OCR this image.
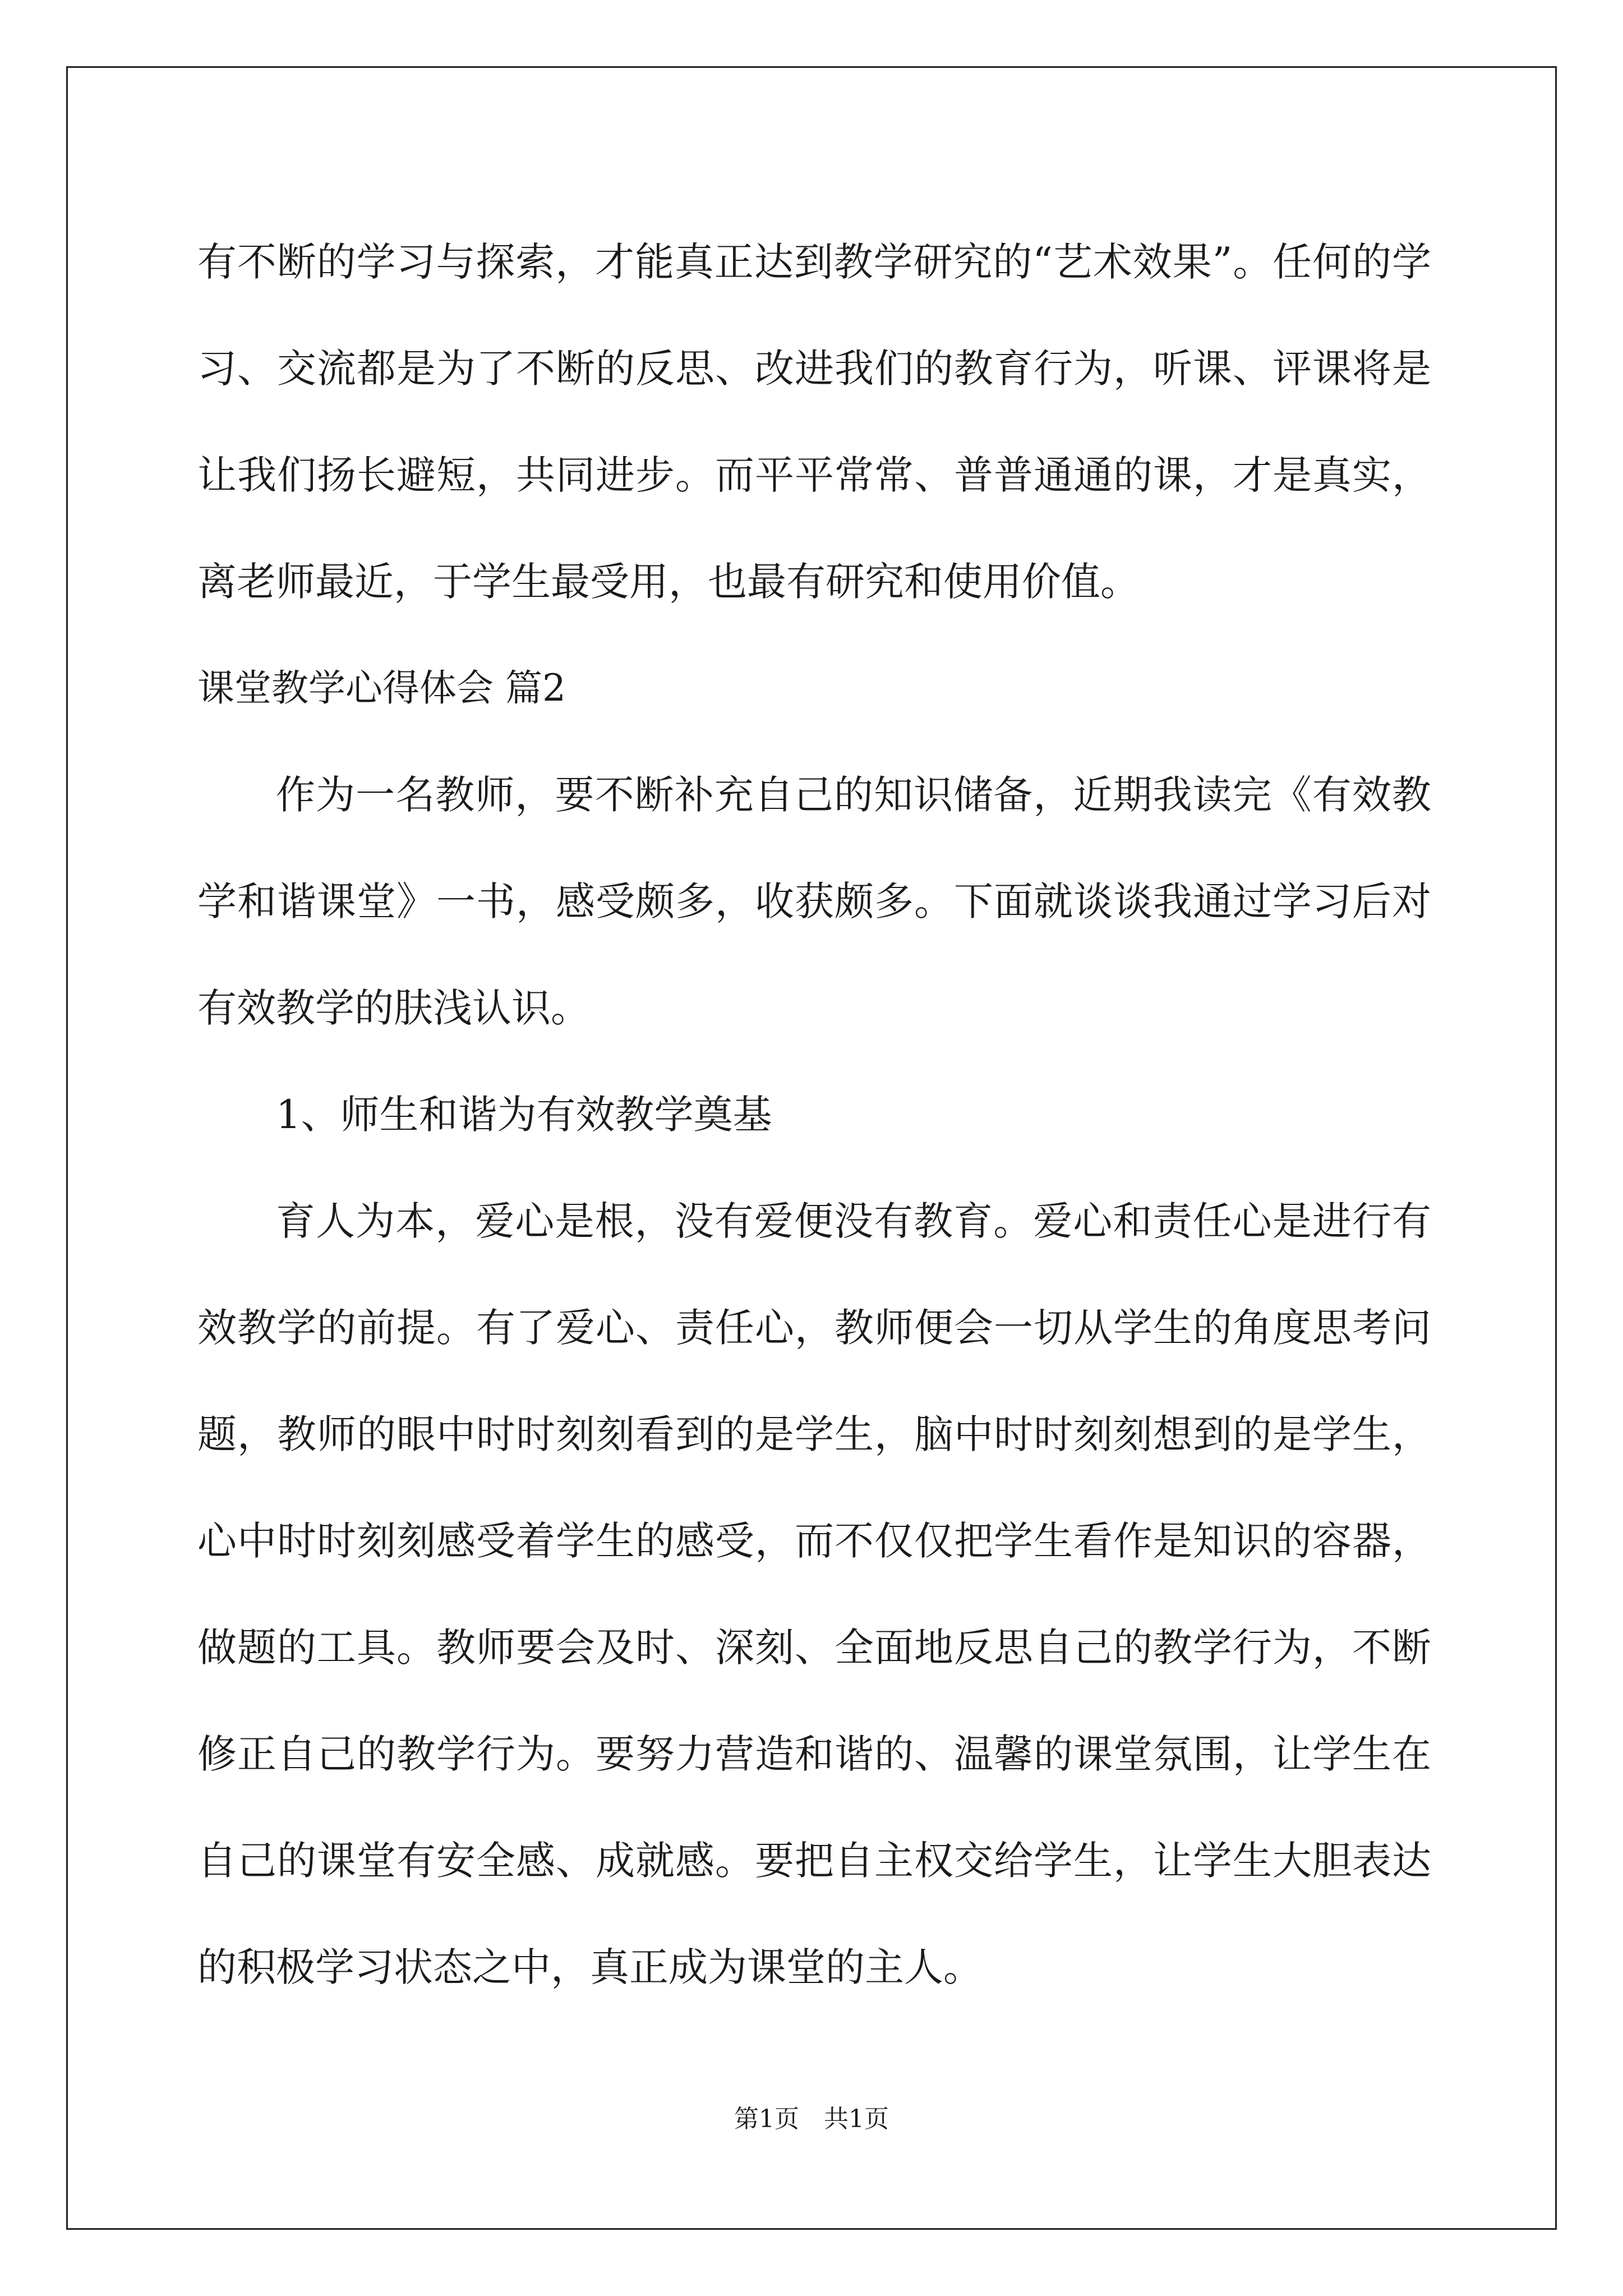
有不断的学习与探索，才能真正达到教学研究的“艺术效果”。任何的学习、交流都是为了不断的反思、改进我们的教育行为，听课、评课将是让我们扬长避短，共同进步。而平平常常、普普通通的课，才是真实，离老师最近，于学生最受用，也最有研究和使用价值。

课堂教学心得体会 篇2

作为一名教师，要不断补充自己的知识储备，近期我读完《有效教学和谐课堂》一书，感受颇多，收获颇多。下面就谈谈我通过学习后对有效教学的肤浅认识。

1、师生和谐为有效教学奠基

育人为本，爱心是根，没有爱便没有教育。爱心和责任心是进行有效教学的前提。有了爱心、责任心，教师便会一切从学生的角度思考问题，教师的眼中时时刻刻看到的是学生，脑中时时刻刻想到的是学生，心中时时刻刻感受着学生的感受，而不仅仅把学生看作是知识的容器，做题的工具。教师要会及时、深刻、全面地反思自己的教学行为，不断修正自己的教学行为。要努力营造和谐的、温馨的课堂氛围，让学生在自己的课堂有安全感、成就感。要把自主权交给学生，让学生大胆表达的积极学习状态之中，真正成为课堂的主人。

第1页　共1页
